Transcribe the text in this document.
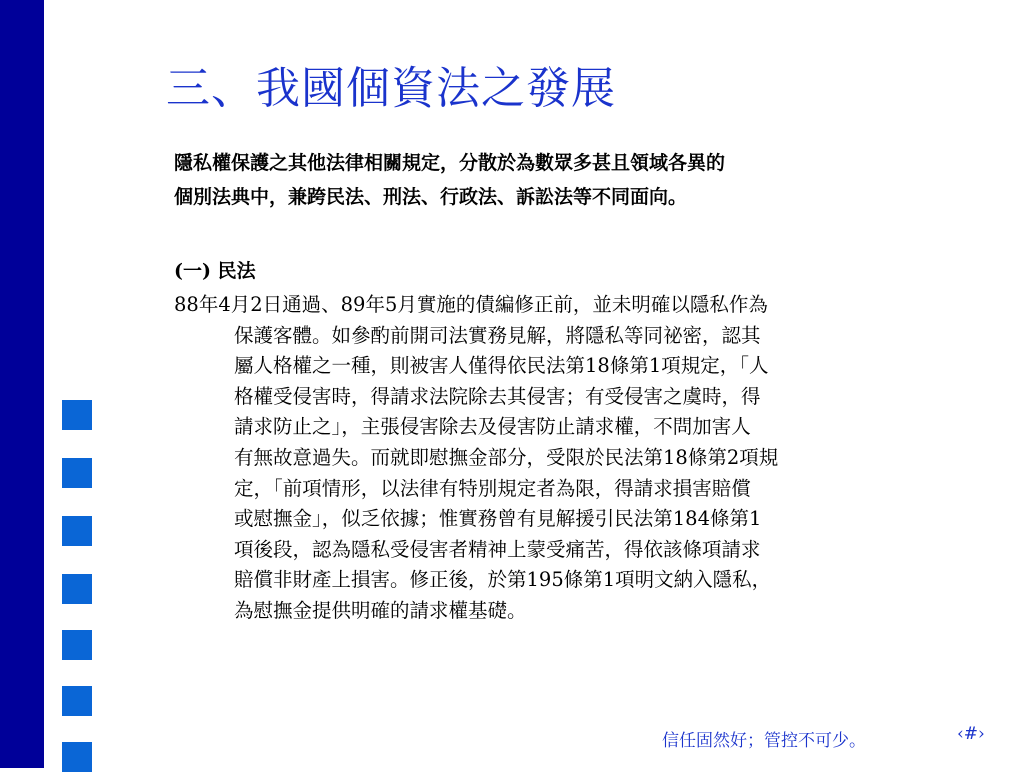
三、我國個資法之發展

隱私權保護之其他法律相關規定，分散於為數眾多甚且領域各異的

個別法典中，兼跨民法、刑法、行政法、訴訟法等不同面向。

(一) 民法
88年4月2日通過、89年5月實施的債編修正前，並未明確以隱私作為
保護客體。如參酌前開司法實務見解，將隱私等同祕密，認其
屬人格權之一種，則被害人僅得依民法第18條第1項規定，「人
格權受侵害時，得請求法院除去其侵害；有受侵害之虞時，得
請求防止之」，主張侵害除去及侵害防止請求權，不問加害人
有無故意過失。而就即慰撫金部分，受限於民法第18條第2項規
定，「前項情形，以法律有特別規定者為限，得請求損害賠償
或慰撫金」，似乏依據；惟實務曾有見解援引民法第184條第1
項後段，認為隱私受侵害者精神上蒙受痛苦，得依該條項請求
賠償非財產上損害。修正後，於第195條第1項明文納入隱私，
為慰撫金提供明確的請求權基礎。
信任固然好；管控不可少。	‹#›
